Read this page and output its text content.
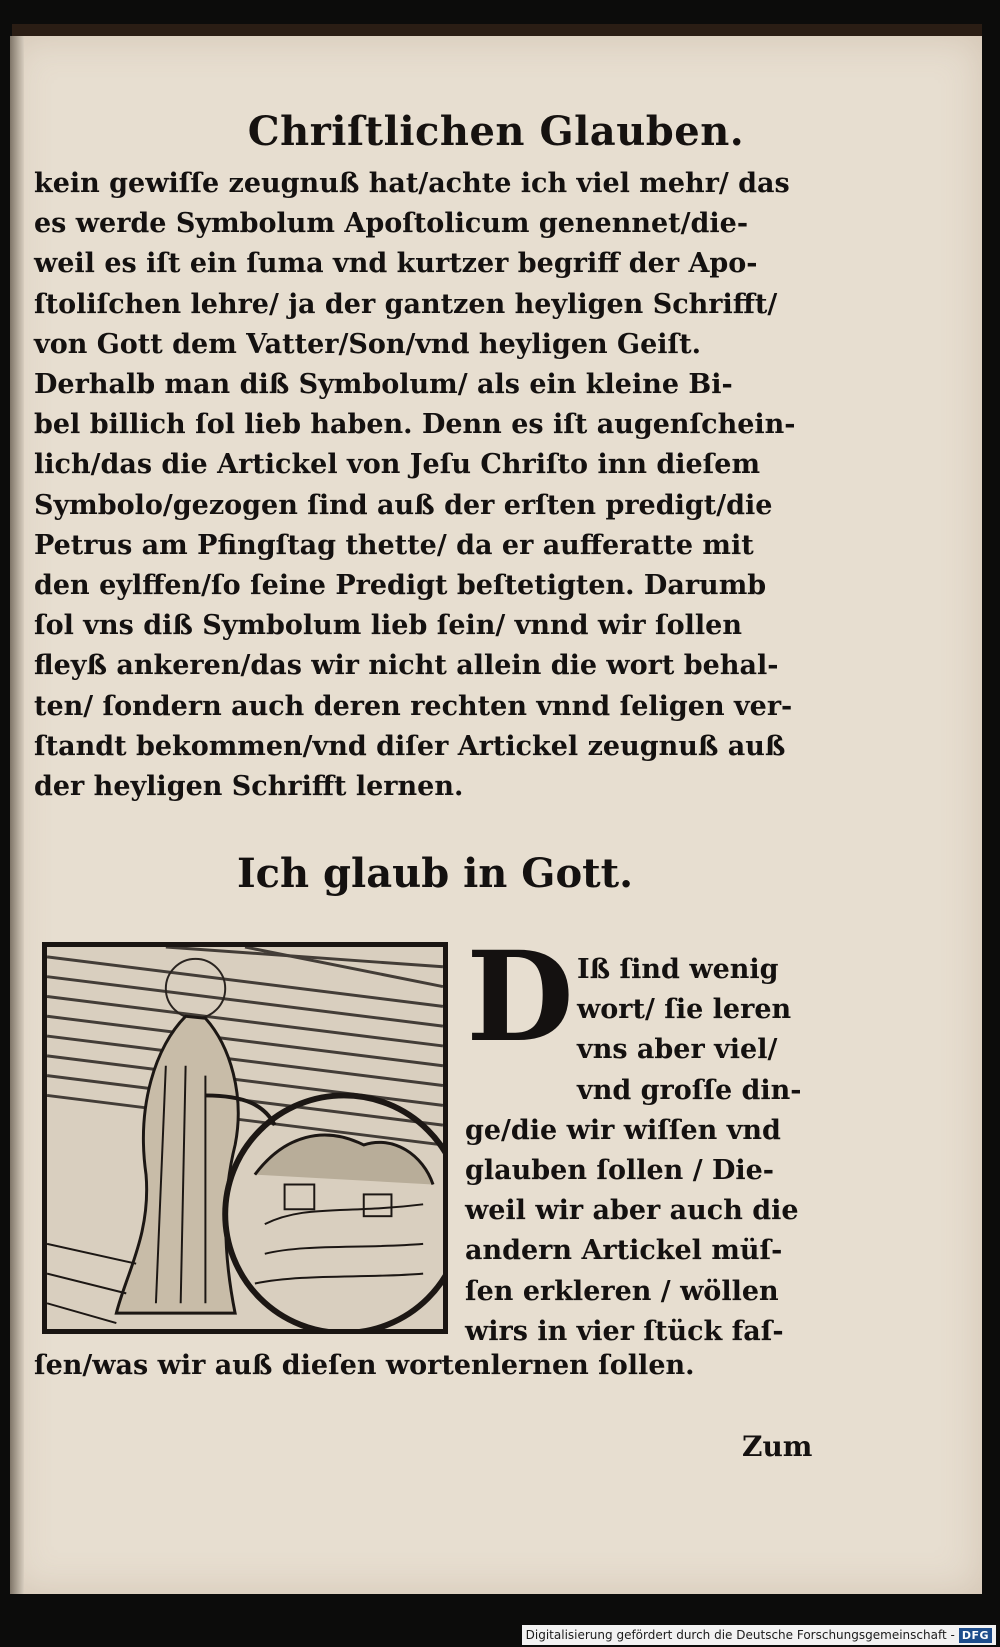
Chriſtlichen Glauben.
kein gewiſſe zeugnuß hat/achte ich viel mehr/ das
es werde Symbolum Apoſtolicum genennet/die-
weil es iſt ein ſuma vnd kurtzer begriff der Apo-
ſtoliſchen lehre/ ja der gantzen heyligen Schrifft/
von Gott dem Vatter/Son/vnd heyligen Geiſt.
Derhalb man diß Symbolum/ als ein kleine Bi-
bel billich ſol lieb haben. Denn es iſt augenſchein-
lich/das die Artickel von Jeſu Chriſto inn dieſem
Symbolo/gezogen ſind auß der erſten predigt/die
Petrus am Pfingſtag thette/ da er aufferatte mit
den eylffen/ſo ſeine Predigt beſtetigten. Darumb
ſol vns diß Symbolum lieb ſein/ vnnd wir ſollen
fleyß ankeren/das wir nicht allein die wort behal-
ten/ ſondern auch deren rechten vnnd ſeligen ver-
ſtandt bekommen/vnd diſer Artickel zeugnuß auß
der heyligen Schrifft lernen.
Ich glaub in Gott.
D Iß ſind wenig
wort/ ſie leren
vns aber viel/
vnd groſſe din-
ge/die wir wiſſen vnd
glauben ſollen / Die-
weil wir aber auch die
andern Artickel müſ-
ſen erkleren / wöllen
wirs in vier ſtück faſ-
ſen/was wir auß dieſen wortenlernen ſollen.
Zum
Digitalisierung gefördert durch die Deutsche Forschungsgemeinschaft - DFG
